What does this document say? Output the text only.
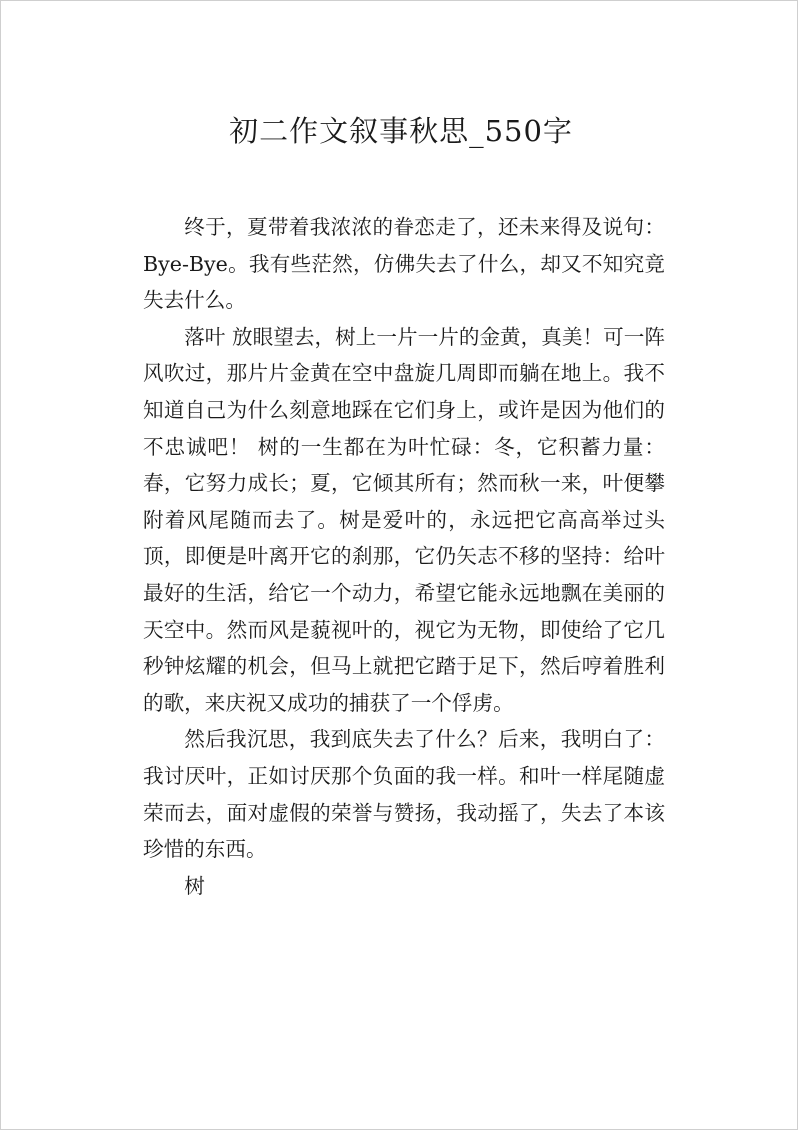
初二作文叙事秋思_550字

终于，夏带着我浓浓的眷恋走了，还未来得及说句：Bye-Bye。我有些茫然，仿佛失去了什么，却又不知究竟失去什么。

落叶 放眼望去，树上一片一片的金黄，真美！可一阵风吹过，那片片金黄在空中盘旋几周即而躺在地上。我不知道自己为什么刻意地踩在它们身上，或许是因为他们的不忠诚吧！ 树的一生都在为叶忙碌：冬，它积蓄力量：春，它努力成长；夏，它倾其所有；然而秋一来，叶便攀附着风尾随而去了。树是爱叶的，永远把它高高举过头顶，即便是叶离开它的刹那，它仍矢志不移的坚持：给叶最好的生活，给它一个动力，希望它能永远地飘在美丽的天空中。然而风是藐视叶的，视它为无物，即使给了它几秒钟炫耀的机会，但马上就把它踏于足下，然后哼着胜利的歌，来庆祝又成功的捕获了一个俘虏。

然后我沉思，我到底失去了什么？后来，我明白了：我讨厌叶，正如讨厌那个负面的我一样。和叶一样尾随虚荣而去，面对虚假的荣誉与赞扬，我动摇了，失去了本该珍惜的东西。

树
